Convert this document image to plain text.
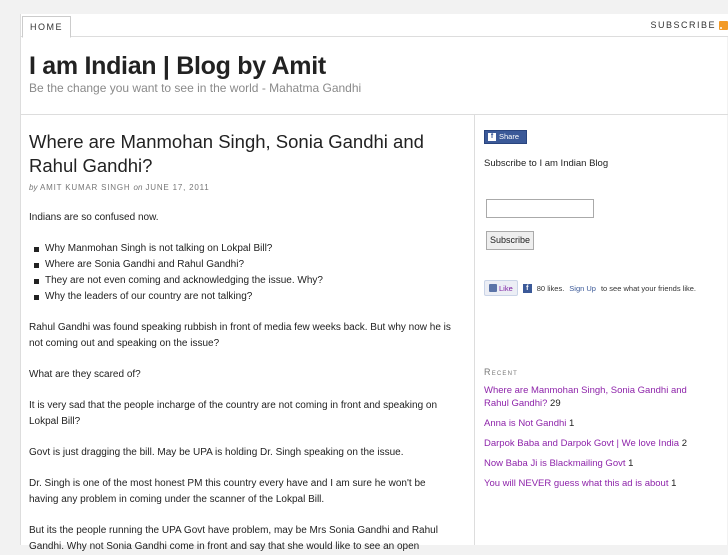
HOME	SUBSCRIBE
I am Indian | Blog by Amit
Be the change you want to see in the world - Mahatma Gandhi
Where are Manmohan Singh, Sonia Gandhi and Rahul Gandhi?
by AMIT KUMAR SINGH on JUNE 17, 2011

Indians are so confused now.

Why Manmohan Singh is not talking on Lokpal Bill?
Where are Sonia Gandhi and Rahul Gandhi?
They are not even coming and acknowledging the issue. Why?
Why the leaders of our country are not talking?

Rahul Gandhi was found speaking rubbish in front of media few weeks back. But why now he is not coming out and speaking on the issue?

What are they scared of?

It is very sad that the people incharge of the country are not coming in front and speaking on Lokpal Bill?

Govt is just dragging the bill. May be UPA is holding Dr. Singh speaking on the issue.

Dr. Singh is one of the most honest PM this country every have and I am sure he won't be having any problem in coming under the scanner of the Lokpal Bill.

But its the people running the UPA Govt have problem, may be Mrs Sonia Gandhi and Rahul Gandhi. Why not Sonia Gandhi come in front and say that she would like to see an open

f Share
Subscribe to I am Indian Blog
Subscribe
Like	f	80 likes. Sign Up to see what your friends like.
Recent
Where are Manmohan Singh, Sonia Gandhi and Rahul Gandhi? 29
Anna is Not Gandhi 1
Darpok Baba and Darpok Govt | We love India 2
Now Baba Ji is Blackmailing Govt 1
You will NEVER guess what this ad is about 1
